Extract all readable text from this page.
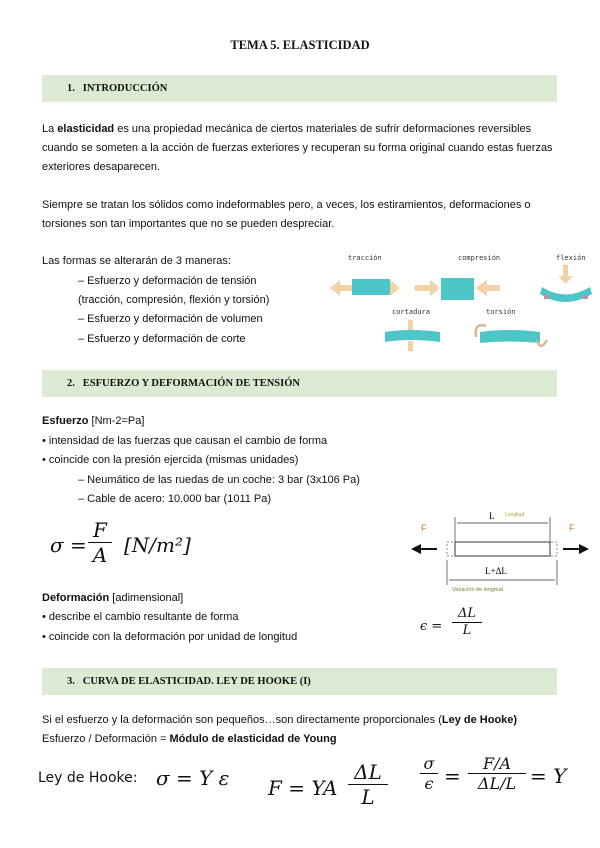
TEMA 5. ELASTICIDAD
1. INTRODUCCIÓN
La elasticidad es una propiedad mecánica de ciertos materiales de sufrir deformaciones reversibles
cuando se someten a la acción de fuerzas exteriores y recuperan su forma original cuando estas fuerzas
exteriores desaparecen.
Siempre se tratan los sólidos como indeformables pero, a veces, los estiramientos, deformaciones o
torsiones son tan importantes que no se pueden despreciar.
Las formas se alterarán de 3 maneras:
– Esfuerzo y deformación de tensión
(tracción, compresión, flexión y torsión)
– Esfuerzo y deformación de volumen
– Esfuerzo y deformación de corte
tracción	compresión	flexión
cortadura	torsión
2. ESFUERZO Y DEFORMACIÓN DE TENSIÓN
Esfuerzo [Nm-2=Pa]
• intensidad de las fuerzas que causan el cambio de forma
• coincide con la presión ejercida (mismas unidades)
– Neumático de las ruedas de un coche: 3 bar (3x106 Pa)
– Cable de acero: 10.000 bar (1011 Pa)
$\sigma = \frac{F}{A} [N/m^2]$
F	F
L Longitud
L+ΔL
Variación de longitud
Deformación [adimensional]
• describe el cambio resultante de forma
• coincide con la deformación por unidad de longitud
$\epsilon = \frac{\Delta L}{L}$
3. CURVA DE ELASTICIDAD. LEY DE HOOKE (I)
Si el esfuerzo y la deformación son pequeños…son directamente proporcionales (Ley de Hooke)
Esfuerzo / Deformación = Módulo de elasticidad de Young
Ley de Hooke: σ = Y ε F = YA $\frac{\Delta L}{L} \frac{\sigma}{\epsilon} = \frac{F/A}{\Delta L/L} = Y$
